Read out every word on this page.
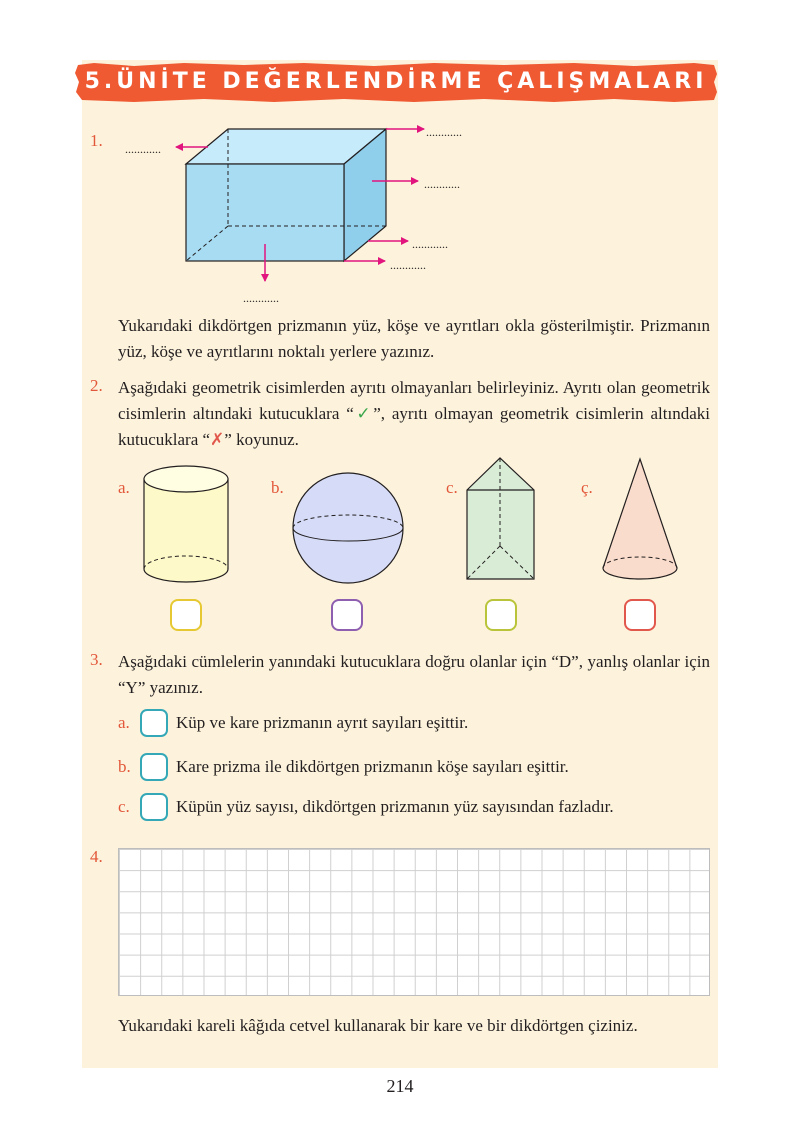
5.ÜNİTE DEĞERLENDİRME ÇALIŞMALARI
1. ............
............
............
............
............
............
Yukarıdaki dikdörtgen prizmanın yüz, köşe ve ayrıtları okla gösterilmiştir. Prizmanın yüz, köşe ve ayrıtlarını noktalı yerlere yazınız.
2. Aşağıdaki geometrik cisimlerden ayrıtı olmayanları belirleyiniz. Ayrıtı olan geometrik cisimlerin altındaki kutucuklara “✓”, ayrıtı olmayan geometrik cisimlerin altındaki kutucuklara “✗” koyunuz.
a.	b.	c.	ç.
3. Aşağıdaki cümlelerin yanındaki kutucuklara doğru olanlar için “D”, yanlış olanlar için “Y” yazınız.
a.	Küp ve kare prizmanın ayrıt sayıları eşittir.
b.	Kare prizma ile dikdörtgen prizmanın köşe sayıları eşittir.
c.	Küpün yüz sayısı, dikdörtgen prizmanın yüz sayısından fazladır.
4.
Yukarıdaki kareli kâğıda cetvel kullanarak bir kare ve bir dikdörtgen çiziniz.
214
